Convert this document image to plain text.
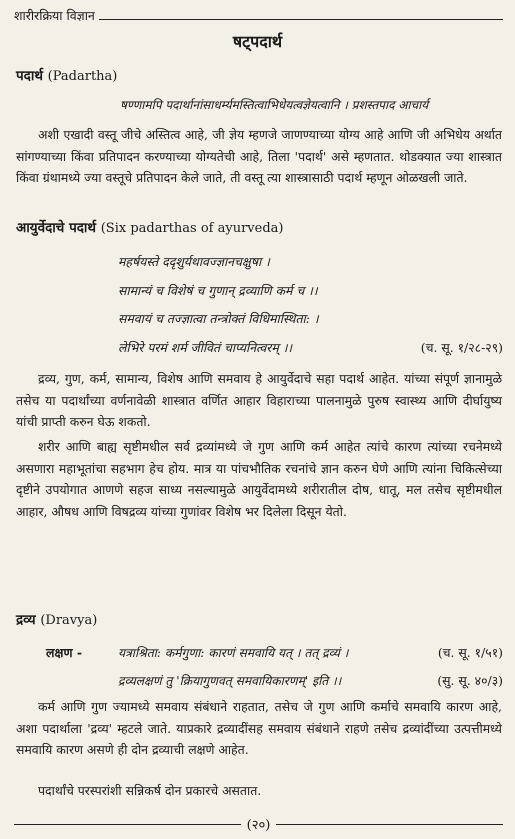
शारीरक्रिया विज्ञान
षट्पदार्थ
पदार्थ (Padartha)
षण्णामपि पदार्थानांसाधर्म्यमस्तित्वाभिधेयत्वज्ञेयत्वानि । प्रशस्तपाद आचार्य
अशी एखादी वस्तू जीचे अस्तित्व आहे, जी ज्ञेय म्हणजे जाणण्याच्या योग्य आहे आणि जी अभिधेय अर्थात सांगण्याच्या किंवा प्रतिपादन करण्याच्या योग्यतेची आहे, तिला 'पदार्थ' असे म्हणतात. थोडक्यात ज्या शास्त्रात किंवा ग्रंथामध्ये ज्या वस्तूचे प्रतिपादन केले जाते, ती वस्तू त्या शास्त्रासाठी पदार्थ म्हणून ओळखली जाते.
आयुर्वेदाचे पदार्थ (Six padarthas of ayurveda)
महर्षयस्ते ददृशुर्यथावज्ज्ञानचक्षुषा ।
सामान्यं च विशेषं च गुणान् द्रव्याणि कर्म च ।।
समवायं च तज्ज्ञात्वा तन्त्रोक्तं विधिमास्थिता: ।
लेभिरे परमं शर्म जीवितं चाप्यनित्वरम् ।।	(च. सू. १/२८-२९)
द्रव्य, गुण, कर्म, सामान्य, विशेष आणि समवाय हे आयुर्वेदाचे सहा पदार्थ आहेत. यांच्या संपूर्ण ज्ञानामुळे तसेच या पदार्थांच्या वर्णनावेळी शास्त्रात वर्णित आहार विहाराच्या पालनामुळे पुरुष स्वास्थ्य आणि दीर्घायुष्य यांची प्राप्ती करुन घेऊ शकतो.
शरीर आणि बाह्य सृष्टीमधील सर्व द्रव्यांमध्ये जे गुण आणि कर्म आहेत त्यांचे कारण त्यांच्या रचनेमध्ये असणारा महाभूतांचा सहभाग हेच होय. मात्र या पांचभौतिक रचनांचे ज्ञान करुन घेणे आणि त्यांना चिकित्सेच्या दृष्टीने उपयोगात आणणे सहज साध्य नसल्यामुळे आयुर्वेदामध्ये शरीरातील दोष, धातू, मल तसेच सृष्टीमधील आहार, औषध आणि विषद्रव्य यांच्या गुणांवर विशेष भर दिलेला दिसून येतो.
द्रव्य (Dravya)
लक्षण -	यत्राश्रिता: कर्मगुणा: कारणं समवायि यत् । तत् द्रव्यं ।	(च. सू. १/५१)
द्रव्यलक्षणं तु 'क्रियागुणवत् समवायिकारणम्' इति ।।	(सु. सू. ४०/३)
कर्म आणि गुण ज्यामध्ये समवाय संबंधाने राहतात, तसेच जे गुण आणि कर्माचे समवायि कारण आहे, अशा पदार्थाला 'द्रव्य' म्हटले जाते. याप्रकारे द्रव्यादींसह समवाय संबंधाने राहणे तसेच द्रव्यांदींच्या उत्पत्तीमध्ये समवायि कारण असणे ही दोन द्रव्याची लक्षणे आहेत.
पदार्थांचे परस्परांशी सन्निकर्ष दोन प्रकारचे असतात.
(२०)
